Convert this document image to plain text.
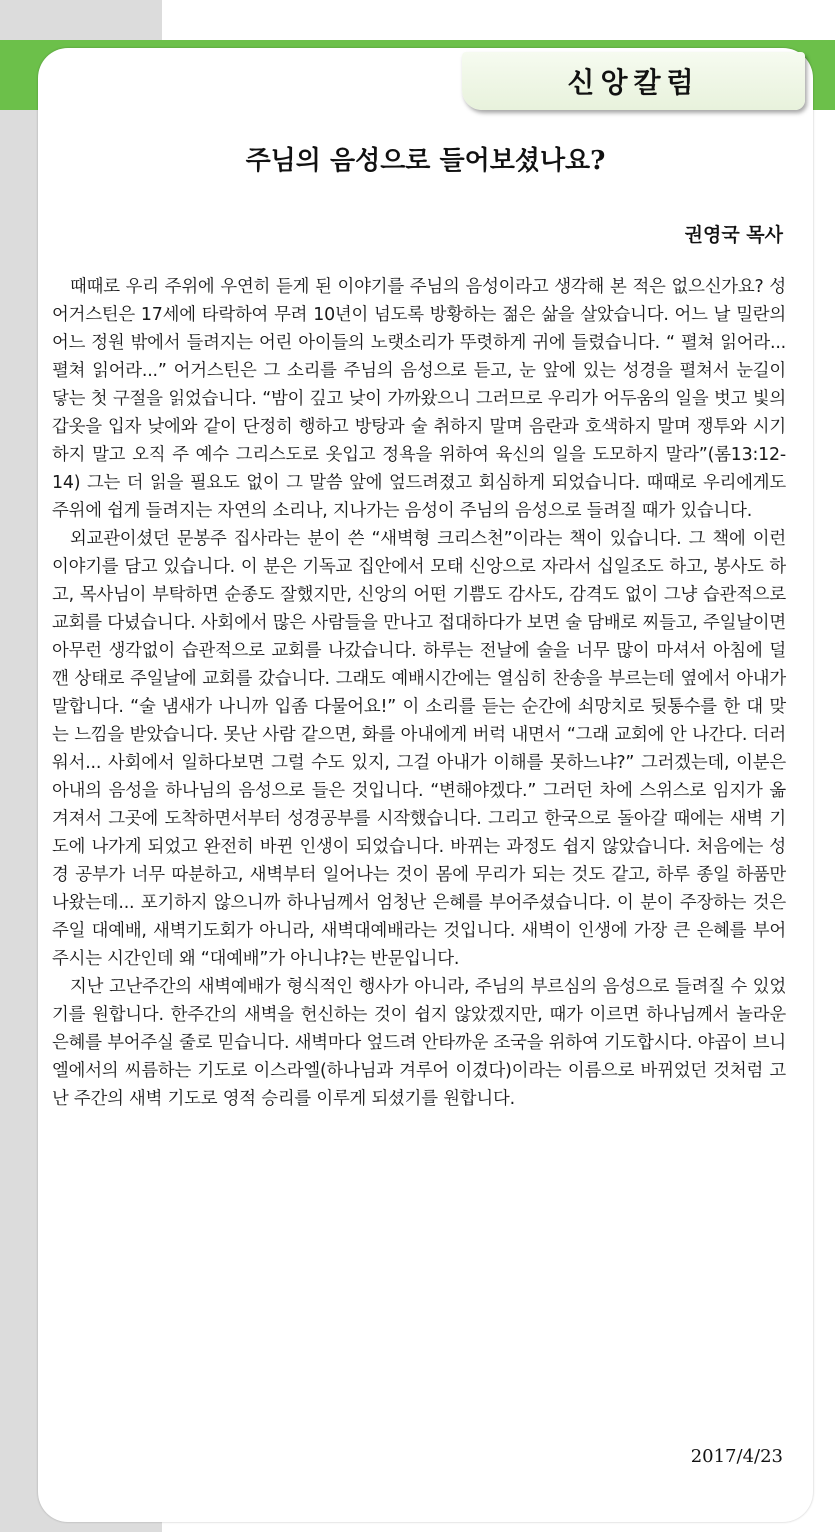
신앙칼럼
주님의 음성으로 들어보셨나요?
권영국 목사

때때로 우리 주위에 우연히 듣게 된 이야기를 주님의 음성이라고 생각해 본 적은 없으신가요? 성 어거스틴은 17세에 타락하여 무려 10년이 넘도록 방황하는 젊은 삶을 살았습니다. 어느 날 밀란의 어느 정원 밖에서 들려지는 어린 아이들의 노랫소리가 뚜렷하게 귀에 들렸습니다. “ 펼쳐 읽어라... 펼쳐 읽어라...” 어거스틴은 그 소리를 주님의 음성으로 듣고, 눈 앞에 있는 성경을 펼쳐서 눈길이 닿는 첫 구절을 읽었습니다. “밤이 깊고 낮이 가까왔으니 그러므로 우리가 어두움의 일을 벗고 빛의 갑옷을 입자 낮에와 같이 단정히 행하고 방탕과 술 취하지 말며 음란과 호색하지 말며 쟁투와 시기하지 말고 오직 주 예수 그리스도로 옷입고 정욕을 위하여 육신의 일을 도모하지 말라”(롬13:12-14) 그는 더 읽을 필요도 없이 그 말씀 앞에 엎드려졌고 회심하게 되었습니다. 때때로 우리에게도 주위에 쉽게 들려지는 자연의 소리나, 지나가는 음성이 주님의 음성으로 들려질 때가 있습니다.

외교관이셨던 문봉주 집사라는 분이 쓴 “새벽형 크리스천”이라는 책이 있습니다. 그 책에 이런 이야기를 담고 있습니다. 이 분은 기독교 집안에서 모태 신앙으로 자라서 십일조도 하고, 봉사도 하고, 목사님이 부탁하면 순종도 잘했지만, 신앙의 어떤 기쁨도 감사도, 감격도 없이 그냥 습관적으로 교회를 다녔습니다. 사회에서 많은 사람들을 만나고 접대하다가 보면 술 담배로 찌들고, 주일날이면 아무런 생각없이 습관적으로 교회를 나갔습니다. 하루는 전날에 술을 너무 많이 마셔서 아침에 덜 깬 상태로 주일날에 교회를 갔습니다. 그래도 예배시간에는 열심히 찬송을 부르는데 옆에서 아내가 말합니다. “술 냄새가 나니까 입좀 다물어요!” 이 소리를 듣는 순간에 쇠망치로 뒷통수를 한 대 맞는 느낌을 받았습니다. 못난 사람 같으면, 화를 아내에게 버럭 내면서 “그래 교회에 안 나간다. 더러워서... 사회에서 일하다보면 그럴 수도 있지, 그걸 아내가 이해를 못하느냐?” 그러겠는데, 이분은 아내의 음성을 하나님의 음성으로 들은 것입니다. “변해야겠다.” 그러던 차에 스위스로 임지가 옮겨져서 그곳에 도착하면서부터 성경공부를 시작했습니다. 그리고 한국으로 돌아갈 때에는 새벽 기도에 나가게 되었고 완전히 바뀐 인생이 되었습니다. 바뀌는 과정도 쉽지 않았습니다. 처음에는 성경 공부가 너무 따분하고, 새벽부터 일어나는 것이 몸에 무리가 되는 것도 같고, 하루 종일 하품만 나왔는데... 포기하지 않으니까 하나님께서 엄청난 은혜를 부어주셨습니다. 이 분이 주장하는 것은 주일 대예배, 새벽기도회가 아니라, 새벽대예배라는 것입니다. 새벽이 인생에 가장 큰 은혜를 부어주시는 시간인데 왜 “대예배”가 아니냐?는 반문입니다.

지난 고난주간의 새벽예배가 형식적인 행사가 아니라, 주님의 부르심의 음성으로 들려질 수 있었기를 원합니다. 한주간의 새벽을 헌신하는 것이 쉽지 않았겠지만, 때가 이르면 하나님께서 놀라운 은혜를 부어주실 줄로 믿습니다. 새벽마다 엎드려 안타까운 조국을 위하여 기도합시다. 야곱이 브니엘에서의 씨름하는 기도로 이스라엘(하나님과 겨루어 이겼다)이라는 이름으로 바뀌었던 것처럼 고난 주간의 새벽 기도로 영적 승리를 이루게 되셨기를 원합니다.

2017/4/23
